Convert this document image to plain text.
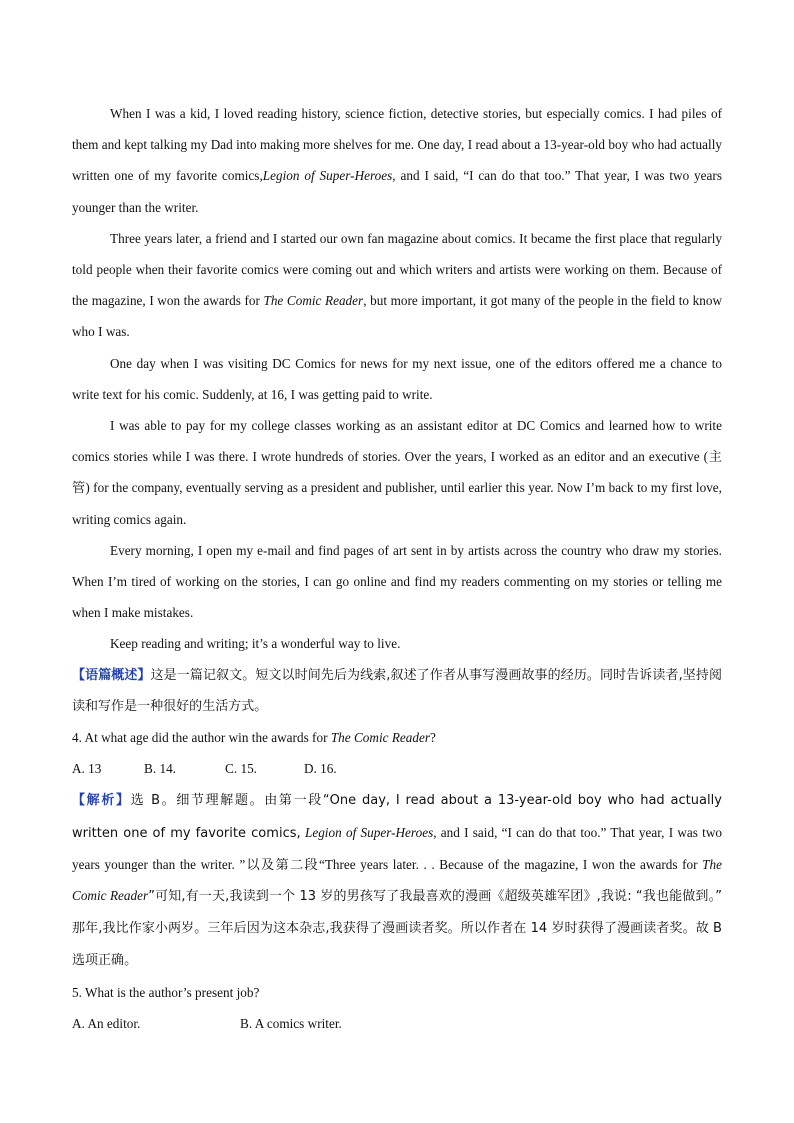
When I was a kid, I loved reading history, science fiction, detective stories, but especially comics. I had piles of them and kept talking my Dad into making more shelves for me. One day, I read about a 13-year-old boy who had actually written one of my favorite comics,Legion of Super-Heroes, and I said, “I can do that too.” That year, I was two years younger than the writer.

Three years later, a friend and I started our own fan magazine about comics. It became the first place that regularly told people when their favorite comics were coming out and which writers and artists were working on them. Because of the magazine, I won the awards for The Comic Reader, but more important, it got many of the people in the field to know who I was.

One day when I was visiting DC Comics for news for my next issue, one of the editors offered me a chance to write text for his comic. Suddenly, at 16, I was getting paid to write.

I was able to pay for my college classes working as an assistant editor at DC Comics and learned how to write comics stories while I was there. I wrote hundreds of stories. Over the years, I worked as an editor and an executive (主管) for the company, eventually serving as a president and publisher, until earlier this year. Now I’m back to my first love, writing comics again.

Every morning, I open my e-mail and find pages of art sent in by artists across the country who draw my stories. When I’m tired of working on the stories, I can go online and find my readers commenting on my stories or telling me when I make mistakes.

Keep reading and writing; it’s a wonderful way to live.

【语篇概述】这是一篇记叙文。短文以时间先后为线索,叙述了作者从事写漫画故事的经历。同时告诉读者,坚持阅读和写作是一种很好的生活方式。

4. At what age did the author win the awards for The Comic Reader?

A. 13	B. 14.	C. 15.	D. 16.

【解析】选 B。细节理解题。由第一段“One day, I read about a 13-year-old boy who had actually written one of my favorite comics, Legion of Super-Heroes, and I said, “I can do that too.” That year, I was two years younger than the writer. ”以及第二段“Three years later. . . Because of the magazine, I won the awards for The Comic Reader”可知,有一天,我读到一个 13 岁的男孩写了我最喜欢的漫画《超级英雄军团》,我说: “我也能做到。” 那年,我比作家小两岁。三年后因为这本杂志,我获得了漫画读者奖。所以作者在 14 岁时获得了漫画读者奖。故 B 选项正确。

5. What is the author’s present job?

A. An editor.	B. A comics writer.
